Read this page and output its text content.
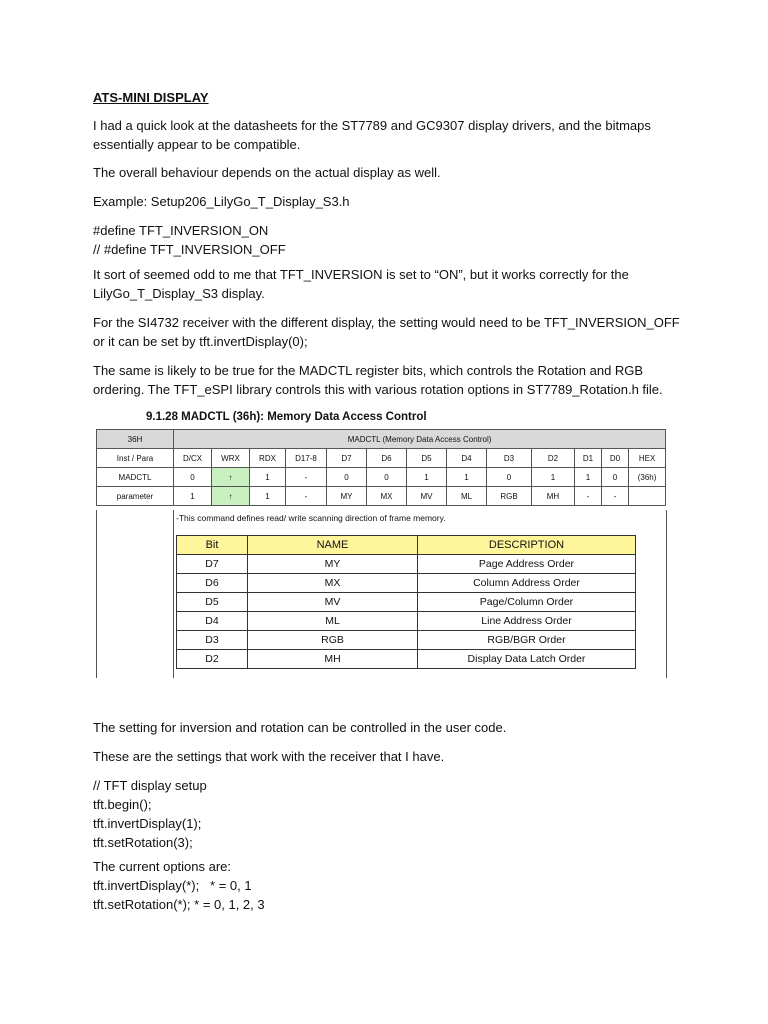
ATS-MINI DISPLAY

I had a quick look at the datasheets for the ST7789 and GC9307 display drivers, and the bitmaps
essentially appear to be compatible.

The overall behaviour depends on the actual display as well.

Example: Setup206_LilyGo_T_Display_S3.h

#define TFT_INVERSION_ON
// #define TFT_INVERSION_OFF

It sort of seemed odd to me that TFT_INVERSION is set to “ON”, but it works correctly for the
LilyGo_T_Display_S3 display.

For the SI4732 receiver with the different display, the setting would need to be TFT_INVERSION_OFF
or it can be set by tft.invertDisplay(0);

The same is likely to be true for the MADCTL register bits, which controls the Rotation and RGB
ordering. The TFT_eSPI library controls this with various rotation options in ST7789_Rotation.h file.

9.1.28 MADCTL (36h): Memory Data Access Control
36H	MADCTL (Memory Data Access Control)												
Inst / Para	D/CX	WRX	RDX	D17-8	D7	D6	D5	D4	D3	D2	D1	D0	HEX
MADCTL	0	↑	1	-	0	0	1	1	0	1	1	0	(36h)
parameter	1	↑	1	-	MY	MX	MV	ML	RGB	MH	-	-	
-This command defines read/ write scanning direction of frame memory.
Bit	NAME	DESCRIPTION
D7	MY	Page Address Order
D6	MX	Column Address Order
D5	MV	Page/Column Order
D4	ML	Line Address Order
D3	RGB	RGB/BGR Order
D2	MH	Display Data Latch Order

The setting for inversion and rotation can be controlled in the user code.

These are the settings that work with the receiver that I have.

// TFT display setup
tft.begin();
tft.invertDisplay(1);
tft.setRotation(3);

The current options are:
tft.invertDisplay(*);   * = 0, 1
tft.setRotation(*); * = 0, 1, 2, 3
